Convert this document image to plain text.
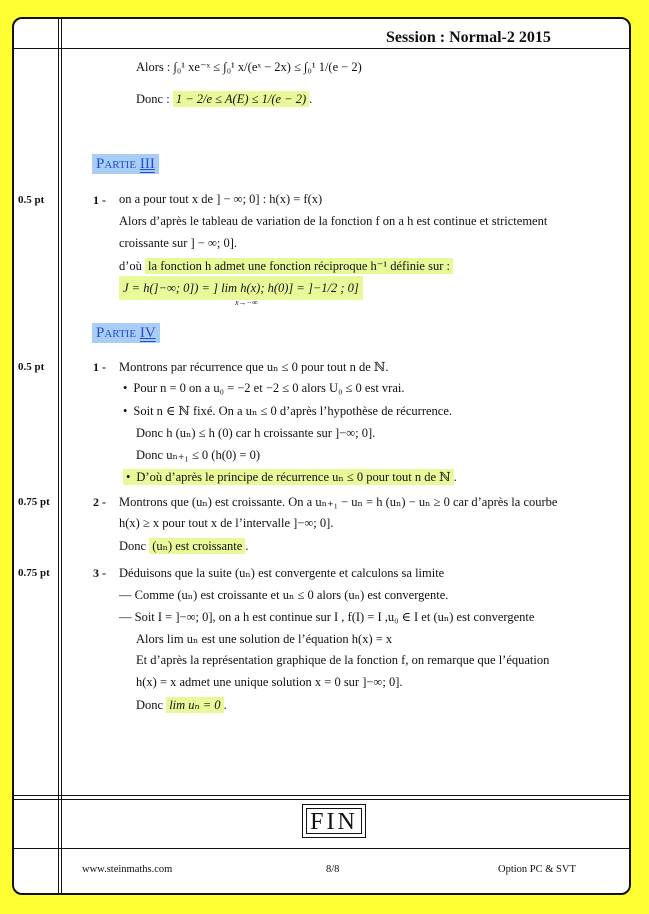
Session : Normal-2 2015
Alors : ∫₀¹ xe⁻ˣ ≤ ∫₀¹ x/(eˣ − 2x) ≤ ∫₀¹ 1/(e − 2)
Donc : 1 − 2/e ≤ A(E) ≤ 1/(e − 2) .
Partie III
0.5 pt	1 - on a pour tout x de ] − ∞; 0] : h(x) = f(x)
Alors d’après le tableau de variation de la fonction f on a h est continue et strictement
croissante sur ] − ∞; 0].
d’où la fonction h admet une fonction réciproque h⁻¹ définie sur :
J = h(]−∞; 0]) = ] lim h(x); h(0)] = ]−1/2 ; 0]
x→−∞
Partie IV
0.5 pt	1 - Montrons par récurrence que uₙ ≤ 0 pour tout n de ℕ.
• Pour n = 0 on a u₀ = −2 et −2 ≤ 0 alors U₀ ≤ 0 est vrai.
• Soit n ∈ ℕ fixé. On a uₙ ≤ 0 d’après l’hypothèse de récurrence.
Donc h (uₙ) ≤ h (0) car h croissante sur ]−∞; 0].
Donc uₙ₊₁ ≤ 0 (h(0) = 0)
• D’où d’après le principe de récurrence uₙ ≤ 0 pour tout n de ℕ .
0.75 pt	2 - Montrons que (uₙ) est croissante. On a uₙ₊₁ − uₙ = h (uₙ) − uₙ ≥ 0 car d’après la courbe
h(x) ≥ x pour tout x de l’intervalle ]−∞; 0].
Donc (uₙ) est croissante .
0.75 pt	3 - Déduisons que la suite (uₙ) est convergente et calculons sa limite
— Comme (uₙ) est croissante et uₙ ≤ 0 alors (uₙ) est convergente.
— Soit I = ]−∞; 0], on a h est continue sur I , f(I) = I ,u₀ ∈ I et (uₙ) est convergente
Alors lim uₙ est une solution de l’équation h(x) = x
Et d’après la représentation graphique de la fonction f, on remarque que l’équation
h(x) = x admet une unique solution x = 0 sur ]−∞; 0].
Donc lim uₙ = 0 .
FIN
www.steinmaths.com	8/8	Option PC & SVT
